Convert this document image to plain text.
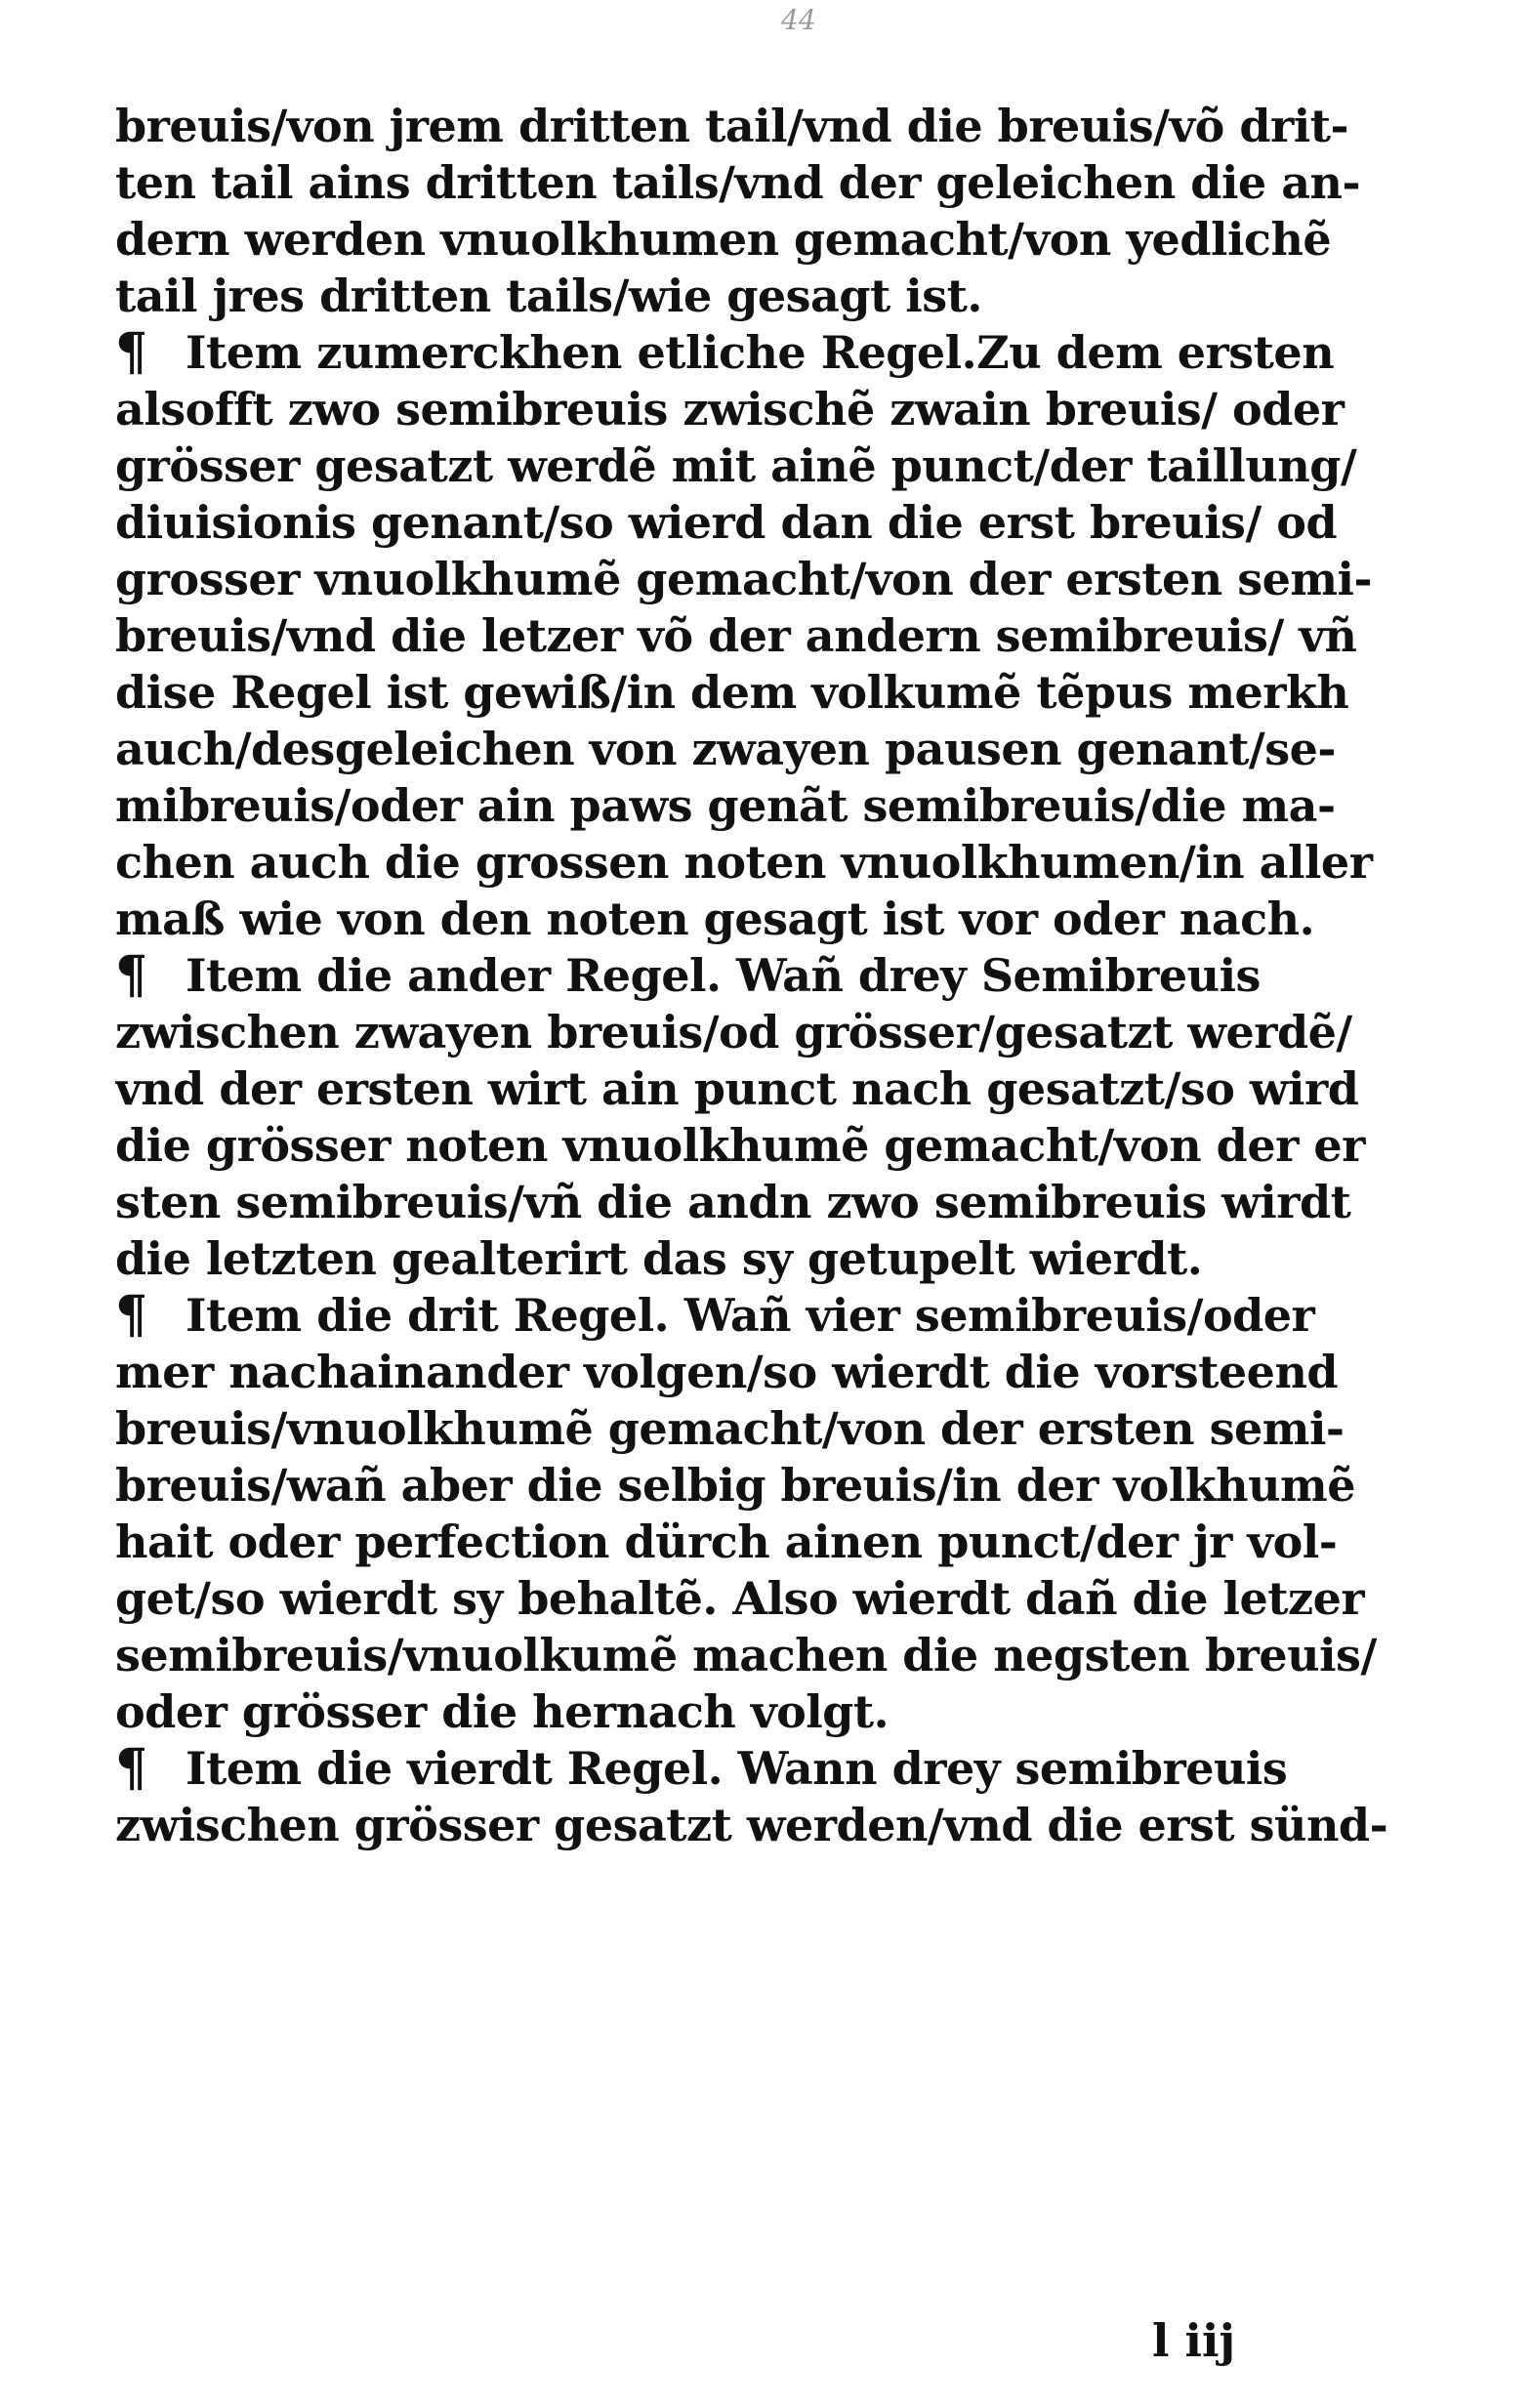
44
breuis/von jrem dritten tail/vnd die breuis/võ drit-
ten tail ains dritten tails/vnd der geleichen die an-
dern werden vnuolkhumen gemacht/von yedlichẽ
tail jres dritten tails/wie gesagt ist.
¶ Item zumerckhen etliche Regel.Zu dem ersten
alsofft zwo semibreuis zwischẽ zwain breuis/ oder
grösser gesatzt werdẽ mit ainẽ punct/der taillung/
diuisionis genant/so wierd dan die erst breuis/ od
grosser vnuolkhumẽ gemacht/von der ersten semi-
breuis/vnd die letzer võ der andern semibreuis/ vñ
dise Regel ist gewiß/in dem volkumẽ tẽpus merkh
auch/desgeleichen von zwayen pausen genant/se-
mibreuis/oder ain paws genãt semibreuis/die ma-
chen auch die grossen noten vnuolkhumen/in aller
maß wie von den noten gesagt ist vor oder nach.
¶ Item die ander Regel. Wañ drey Semibreuis
zwischen zwayen breuis/od grösser/gesatzt werdẽ/
vnd der ersten wirt ain punct nach gesatzt/so wird
die grösser noten vnuolkhumẽ gemacht/von der er
sten semibreuis/vñ die andn zwo semibreuis wirdt
die letzten gealterirt das sy getupelt wierdt.
¶ Item die drit Regel. Wañ vier semibreuis/oder
mer nachainander volgen/so wierdt die vorsteend
breuis/vnuolkhumẽ gemacht/von der ersten semi-
breuis/wañ aber die selbig breuis/in der volkhumẽ
hait oder perfection dürch ainen punct/der jr vol-
get/so wierdt sy behaltẽ. Also wierdt dañ die letzer
semibreuis/vnuolkumẽ machen die negsten breuis/
oder grösser die hernach volgt.
¶ Item die vierdt Regel. Wann drey semibreuis
zwischen grösser gesatzt werden/vnd die erst sünd-
l iij
